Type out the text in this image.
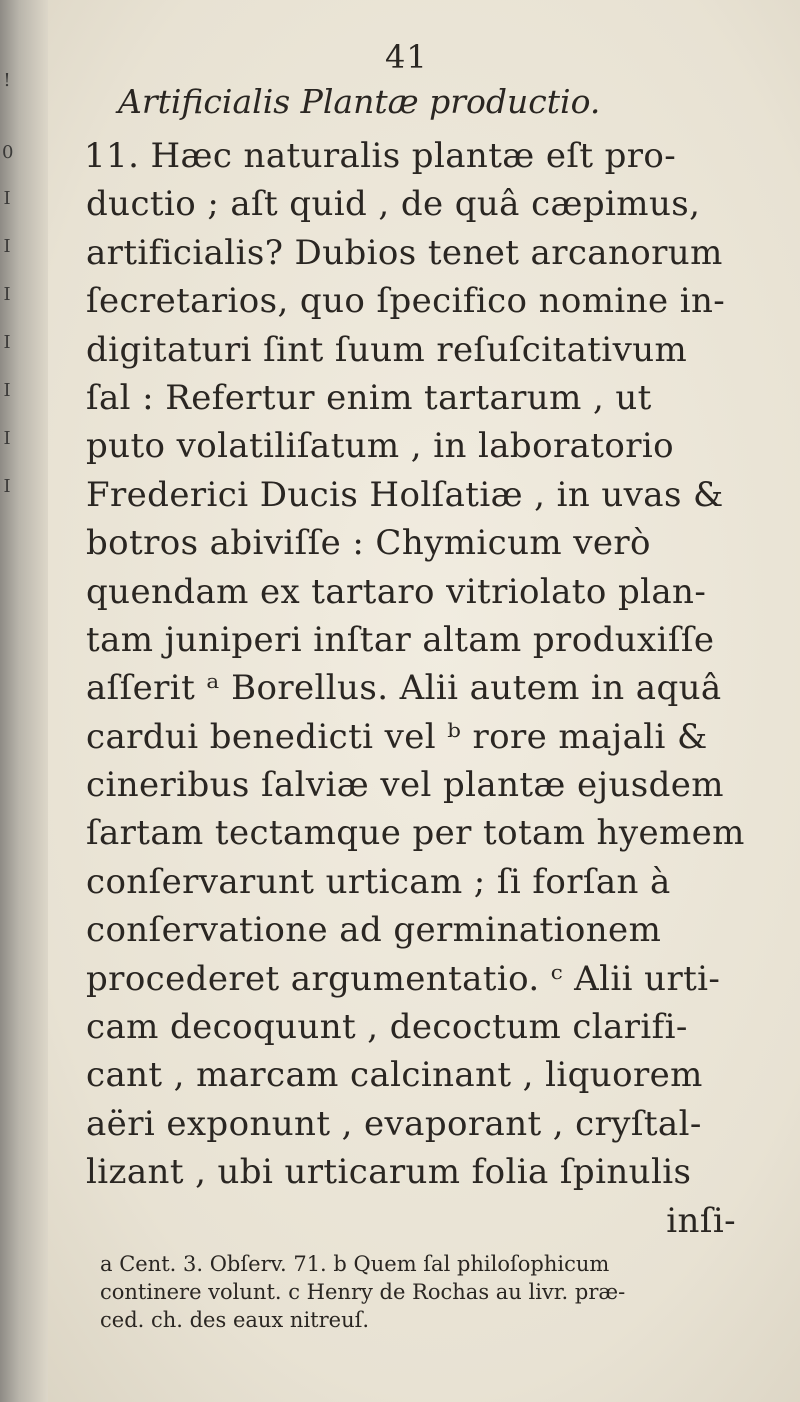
!
0
I
I
I
I
I
I
I
41
Artificialis Plantæ productio.
11. Hæc naturalis plantæ eſt pro-
ductio ; aſt quid , de quâ cæpimus,
artificialis? Dubios tenet arcanorum
ſecretarios, quo ſpecifico nomine in-
digitaturi ſint ſuum reſuſcitativum
ſal : Refertur enim tartarum , ut
puto volatiliſatum , in laboratorio
Frederici Ducis Holſatiæ , in uvas &
botros abiviſſe : Chymicum verò
quendam ex tartaro vitriolato plan-
tam juniperi inſtar altam produxiſſe
aſſerit ᵃ Borellus. Alii autem in aquâ
cardui benedicti vel ᵇ rore majali &
cineribus ſalviæ vel plantæ ejusdem
ſartam tectamque per totam hyemem
conſervarunt urticam ; ſi forſan à
conſervatione ad germinationem
procederet argumentatio. ᶜ Alii urti-
cam decoquunt , decoctum clarifi-
cant , marcam calcinant , liquorem
aëri exponunt , evaporant , cryſtal-
lizant , ubi urticarum folia ſpinulis
inſi-
a Cent. 3. Obſerv. 71. b Quem ſal philoſophicum
continere volunt. c Henry de Rochas au livr. præ-
ced. ch. des eaux nitreuſ.
